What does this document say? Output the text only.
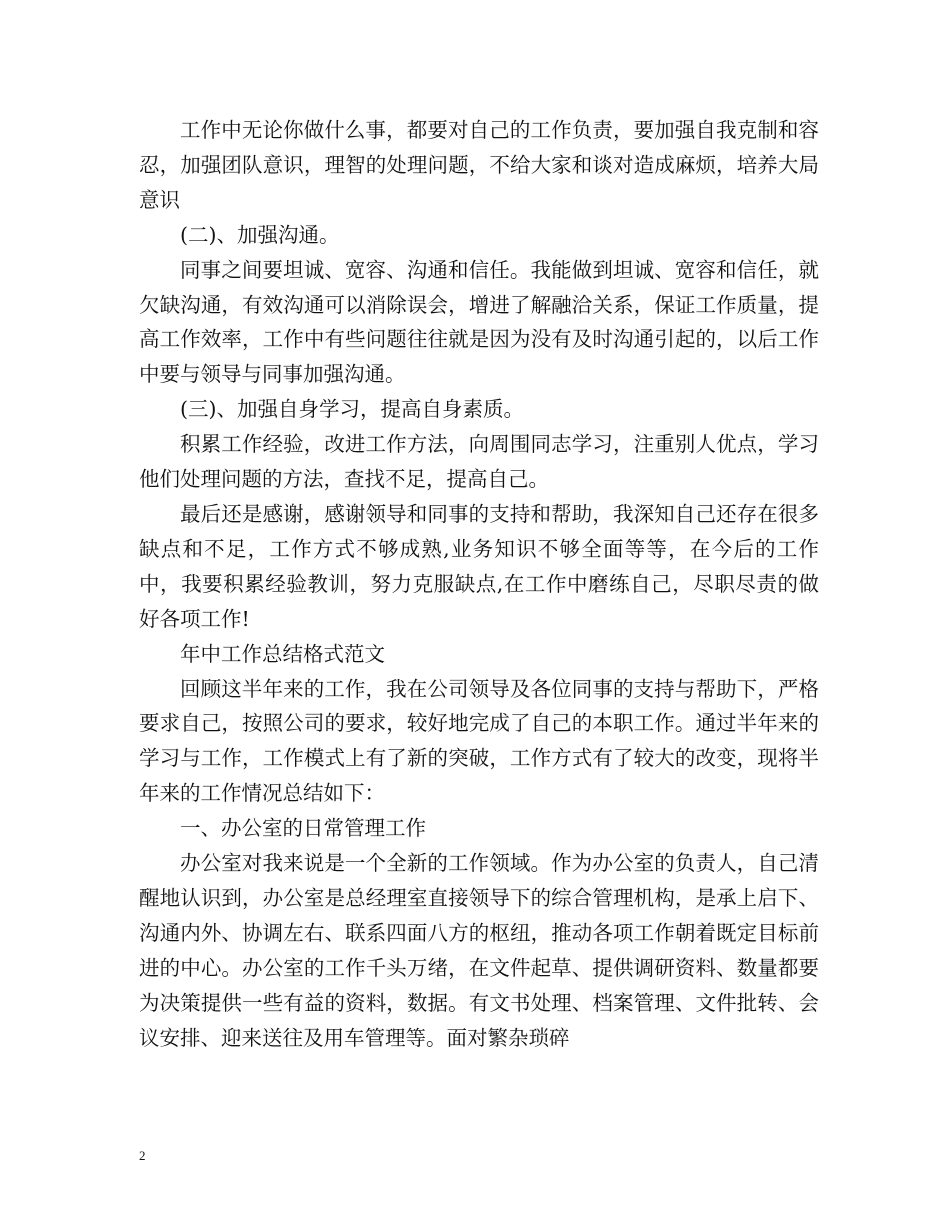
工作中无论你做什么事，都要对自己的工作负责，要加强自我克制和容忍，加强团队意识，理智的处理问题，不给大家和谈对造成麻烦，培养大局意识

(二)、加强沟通。

同事之间要坦诚、宽容、沟通和信任。我能做到坦诚、宽容和信任，就欠缺沟通，有效沟通可以消除误会，增进了解融洽关系，保证工作质量，提高工作效率，工作中有些问题往往就是因为没有及时沟通引起的，以后工作中要与领导与同事加强沟通。

(三)、加强自身学习，提高自身素质。

积累工作经验，改进工作方法，向周围同志学习，注重别人优点，学习他们处理问题的方法，查找不足，提高自己。

最后还是感谢，感谢领导和同事的支持和帮助，我深知自己还存在很多缺点和不足，工作方式不够成熟,业务知识不够全面等等，在今后的工作中，我要积累经验教训，努力克服缺点,在工作中磨练自己，尽职尽责的做好各项工作!

年中工作总结格式范文

回顾这半年来的工作，我在公司领导及各位同事的支持与帮助下，严格要求自己，按照公司的要求，较好地完成了自己的本职工作。通过半年来的学习与工作，工作模式上有了新的突破，工作方式有了较大的改变，现将半年来的工作情况总结如下：

一、办公室的日常管理工作

办公室对我来说是一个全新的工作领域。作为办公室的负责人，自己清醒地认识到，办公室是总经理室直接领导下的综合管理机构，是承上启下、沟通内外、协调左右、联系四面八方的枢纽，推动各项工作朝着既定目标前进的中心。办公室的工作千头万绪，在文件起草、提供调研资料、数量都要为决策提供一些有益的资料，数据。有文书处理、档案管理、文件批转、会议安排、迎来送往及用车管理等。面对繁杂琐碎

2
